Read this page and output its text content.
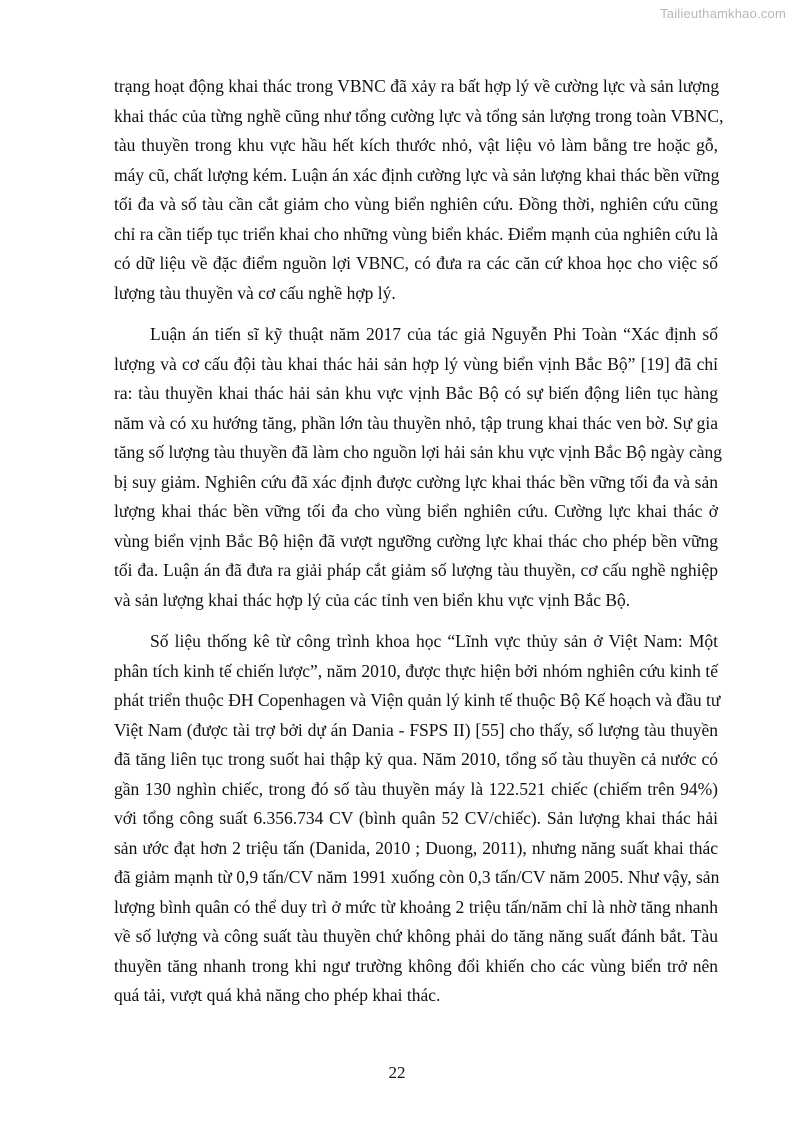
Tailieuthamkhao.com

trạng hoạt động khai thác trong VBNC đã xảy ra bất hợp lý về cường lực và sản lượng
khai thác của từng nghề cũng như tổng cường lực và tổng sản lượng trong toàn VBNC,
tàu thuyền trong khu vực hầu hết kích thước nhỏ, vật liệu vỏ làm bằng tre hoặc gỗ,
máy cũ, chất lượng kém. Luận án xác định cường lực và sản lượng khai thác bền vững
tối đa và số tàu cần cắt giảm cho vùng biển nghiên cứu. Đồng thời, nghiên cứu cũng
chỉ ra cần tiếp tục triển khai cho những vùng biển khác. Điểm mạnh của nghiên cứu là
có dữ liệu về đặc điểm nguồn lợi VBNC, có đưa ra các căn cứ khoa học cho việc số
lượng tàu thuyền và cơ cấu nghề hợp lý.

Luận án tiến sĩ kỹ thuật năm 2017 của tác giả Nguyễn Phi Toàn “Xác định số
lượng và cơ cấu đội tàu khai thác hải sản hợp lý vùng biển vịnh Bắc Bộ” [19] đã chỉ
ra: tàu thuyền khai thác hải sản khu vực vịnh Bắc Bộ có sự biến động liên tục hàng
năm và có xu hướng tăng, phần lớn tàu thuyền nhỏ, tập trung khai thác ven bờ. Sự gia
tăng số lượng tàu thuyền đã làm cho nguồn lợi hải sản khu vực vịnh Bắc Bộ ngày càng
bị suy giảm. Nghiên cứu đã xác định được cường lực khai thác bền vững tối đa và sản
lượng khai thác bền vững tối đa cho vùng biển nghiên cứu. Cường lực khai thác ở
vùng biển vịnh Bắc Bộ hiện đã vượt ngưỡng cường lực khai thác cho phép bền vững
tối đa. Luận án đã đưa ra giải pháp cắt giảm số lượng tàu thuyền, cơ cấu nghề nghiệp
và sản lượng khai thác hợp lý của các tỉnh ven biển khu vực vịnh Bắc Bộ.

Số liệu thống kê từ công trình khoa học “Lĩnh vực thủy sản ở Việt Nam: Một
phân tích kinh tế chiến lược”, năm 2010, được thực hiện bởi nhóm nghiên cứu kinh tế
phát triển thuộc ĐH Copenhagen và Viện quản lý kinh tế thuộc Bộ Kế hoạch và đầu tư
Việt Nam (được tài trợ bởi dự án Dania - FSPS II) [55] cho thấy, số lượng tàu thuyền
đã tăng liên tục trong suốt hai thập kỷ qua. Năm 2010, tổng số tàu thuyền cả nước có
gần 130 nghìn chiếc, trong đó số tàu thuyền máy là 122.521 chiếc (chiếm trên 94%)
với tổng công suất 6.356.734 CV (bình quân 52 CV/chiếc). Sản lượng khai thác hải
sản ước đạt hơn 2 triệu tấn (Danida, 2010 ; Duong, 2011), nhưng năng suất khai thác
đã giảm mạnh từ 0,9 tấn/CV năm 1991 xuống còn 0,3 tấn/CV năm 2005. Như vậy, sản
lượng bình quân có thể duy trì ở mức từ khoảng 2 triệu tấn/năm chỉ là nhờ tăng nhanh
về số lượng và công suất tàu thuyền chứ không phải do tăng năng suất đánh bắt. Tàu
thuyền tăng nhanh trong khi ngư trường không đổi khiến cho các vùng biển trở nên
quá tải, vượt quá khả năng cho phép khai thác.

22
